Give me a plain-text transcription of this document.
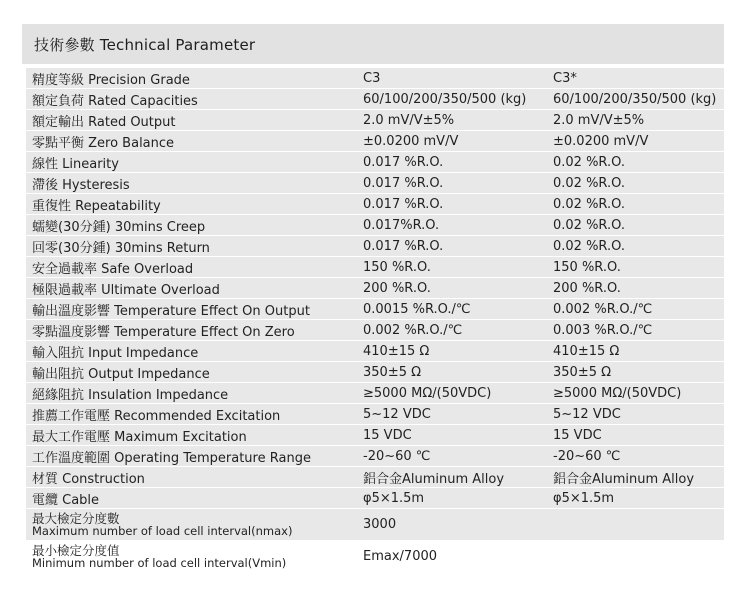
技術參數 Technical Parameter
精度等級 Precision Grade	C3	C3*
額定負荷 Rated Capacities	60/100/200/350/500 (kg)	60/100/200/350/500 (kg)
額定輸出 Rated Output	2.0 mV/V±5%	2.0 mV/V±5%
零點平衡 Zero Balance	±0.0200 mV/V	±0.0200 mV/V
線性 Linearity	0.017 %R.O.	0.02 %R.O.
滯後 Hysteresis	0.017 %R.O.	0.02 %R.O.
重復性 Repeatability	0.017 %R.O.	0.02 %R.O.
蠕變(30分鍾) 30mins Creep	0.017%R.O.	0.02 %R.O.
回零(30分鍾) 30mins Return	0.017 %R.O.	0.02 %R.O.
安全過載率 Safe Overload	150 %R.O.	150 %R.O.
極限過載率 Ultimate Overload	200 %R.O.	200 %R.O.
輸出溫度影響 Temperature Effect On Output	0.0015 %R.O./℃	0.002 %R.O./℃
零點溫度影響 Temperature Effect On Zero	0.002 %R.O./℃	0.003 %R.O./℃
輸入阻抗 Input Impedance	410±15 Ω	410±15 Ω
輸出阻抗 Output Impedance	350±5 Ω	350±5 Ω
絕緣阻抗 Insulation Impedance	≥5000 MΩ/(50VDC)	≥5000 MΩ/(50VDC)
推薦工作電壓 Recommended Excitation	5~12 VDC	5~12 VDC
最大工作電壓 Maximum Excitation	15 VDC	15 VDC
工作溫度範圍 Operating Temperature Range	-20~60 ℃	-20~60 ℃
材質 Construction	鋁合金Aluminum Alloy	鋁合金Aluminum Alloy
電纜 Cable	φ5×1.5m	φ5×1.5m
最大檢定分度數
Maximum number of load cell interval(nmax)	3000
最小檢定分度值
Minimum number of load cell interval(Vmin)	Emax/7000
